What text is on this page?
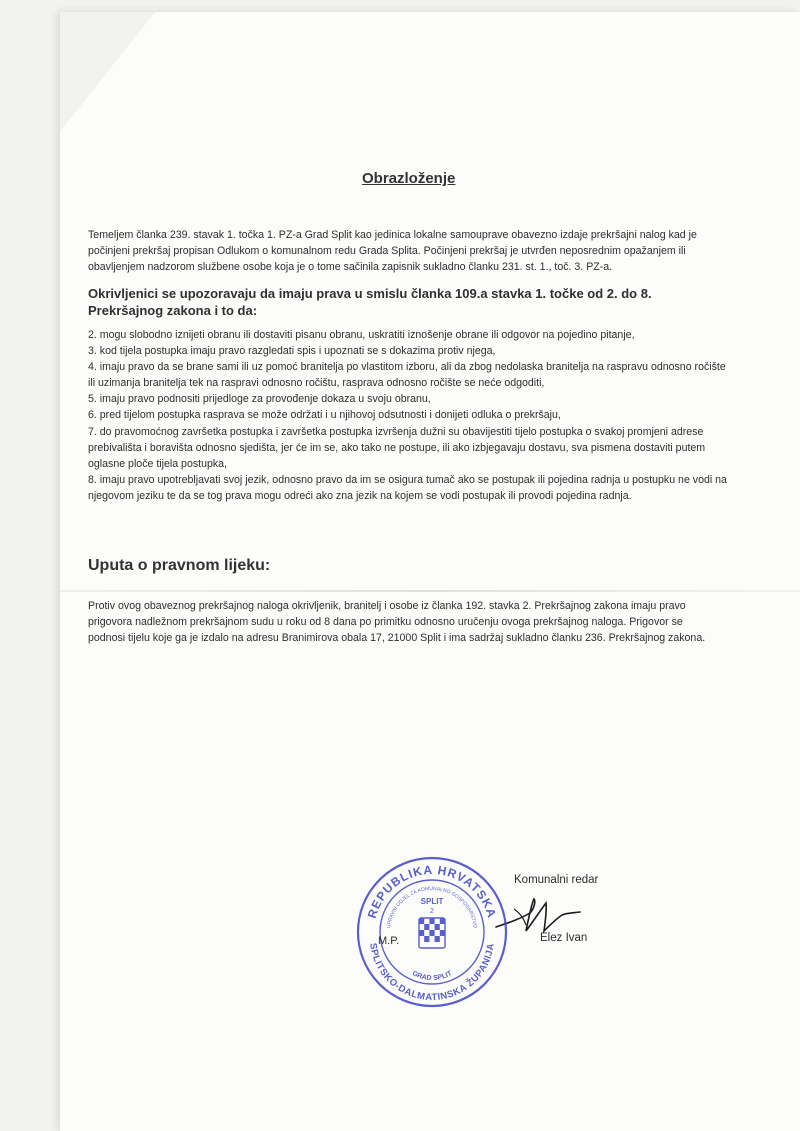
Obrazloženje

Temeljem članka 239. stavak 1. točka 1. PZ-a Grad Split kao jedinica lokalne samouprave obavezno izdaje prekršajni nalog kad je počinjeni prekršaj propisan Odlukom o komunalnom redu Grada Splita. Počinjeni prekršaj je utvrđen neposrednim opažanjem ili obavljenjem nadzorom službene osobe koja je o tome sačinila zapisnik sukladno članku 231. st. 1., toč. 3. PZ-a.

Okrivljenici se upozoravaju da imaju prava u smislu članka 109.a stavka 1. točke od 2. do 8. Prekršajnog zakona i to da:
2. mogu slobodno iznijeti obranu ili dostaviti pisanu obranu, uskratiti iznošenje obrane ili odgovor na pojedino pitanje,
3. kod tijela postupka imaju pravo razgledati spis i upoznati se s dokazima protiv njega,
4. imaju pravo da se brane sami ili uz pomoć branitelja po vlastitom izboru, ali da zbog nedolaska branitelja na raspravu odnosno ročište ili uzimanja branitelja tek na raspravi odnosno ročištu, rasprava odnosno ročište se neće odgoditi,
5. imaju pravo podnositi prijedloge za provođenje dokaza u svoju obranu,
6. pred tijelom postupka rasprava se može održati i u njihovoj odsutnosti i donijeti odluka o prekršaju,
7. do pravomoćnog završetka postupka i završetka postupka izvršenja dužni su obavijestiti tijelo postupka o svakoj promjeni adrese prebivališta i boravišta odnosno sjedišta, jer će im se, ako tako ne postupe, ili ako izbjegavaju dostavu, sva pismena dostaviti putem oglasne ploče tijela postupka,
8. imaju pravo upotrebljavati svoj jezik, odnosno pravo da im se osigura tumač ako se postupak ili pojedina radnja u postupku ne vodi na njegovom jeziku te da se tog prava mogu odreći ako zna jezik na kojem se vodi postupak ili provodi pojedina radnja.
Uputa o pravnom lijeku:

Protiv ovog obaveznog prekršajnog naloga okrivljenik, branitelj i osobe iz članka 192. stavka 2. Prekršajnog zakona imaju pravo prigovora nadležnom prekršajnom sudu u roku od 8 dana po primitku odnosno uručenju ovoga prekršajnog naloga. Prigovor se podnosi tijelu koje ga je izdalo na adresu Branimirova obala 17, 21000 Split i ima sadržaj sukladno članku 236. Prekršajnog zakona.

Komunalni redar
Elez Ivan
REPUBLIKA HRVATSKA
SPLITSKO-DALMATINSKA ŽUPANIJA
UPRAVNI ODJEL ZA KOMUNALNO GOSPODARSTVO
GRAD SPLIT
SPLIT
2
M.P.
